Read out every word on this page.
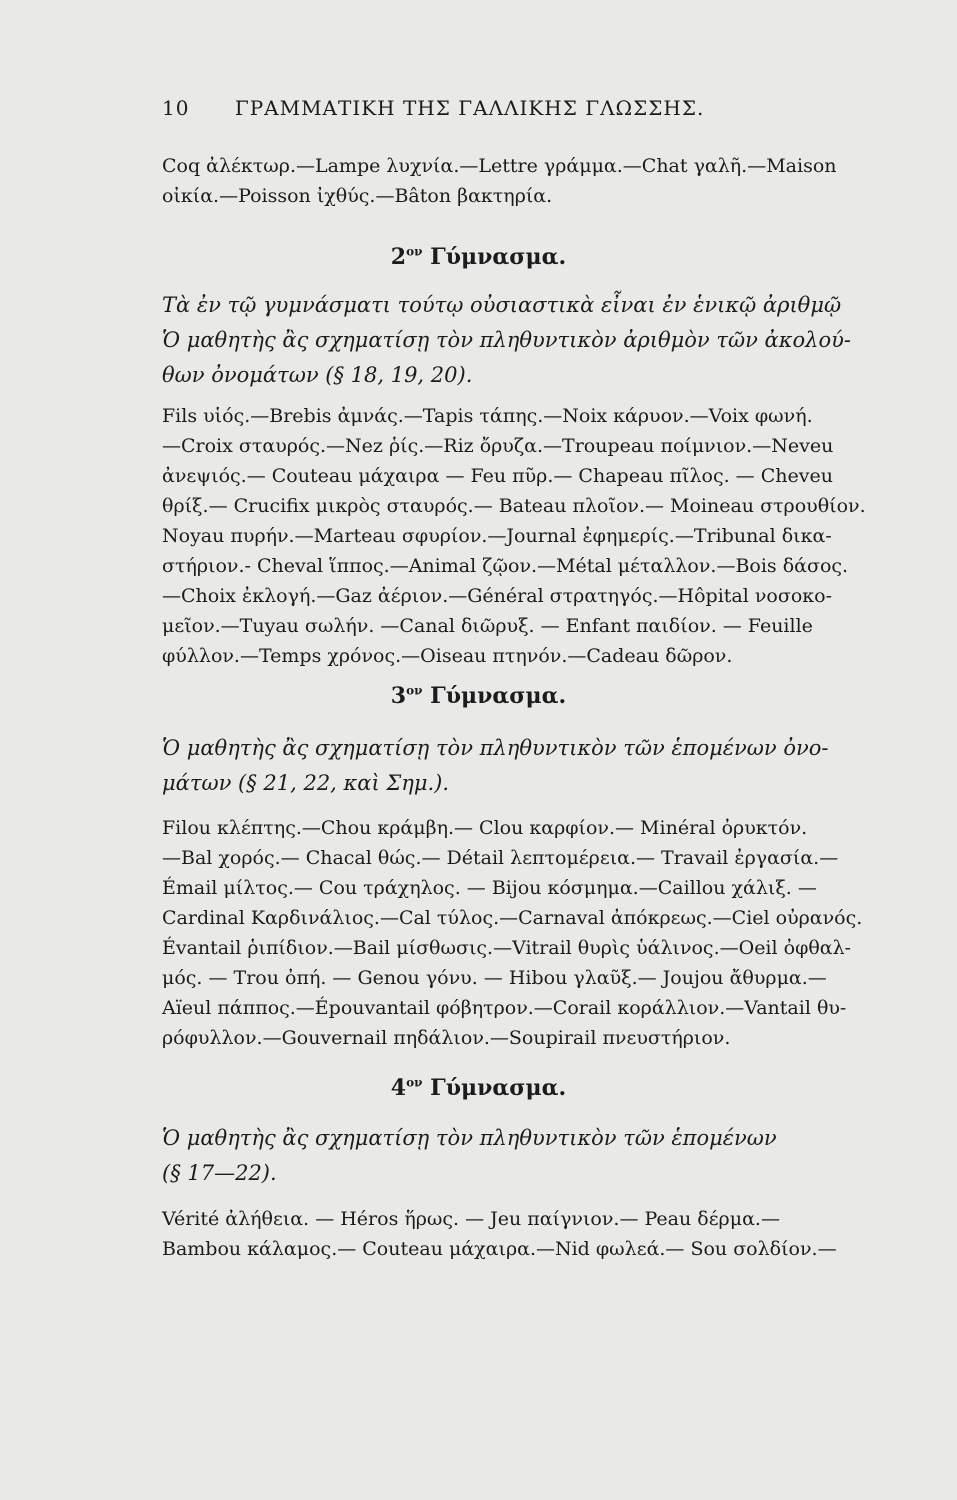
10 ΓΡΑΜΜΑΤΙΚΗ ΤΗΣ ΓΑΛΛΙΚΗΣ ΓΛΩΣΣΗΣ.
Coq ἀλέκτωρ.—Lampe λυχνία.—Lettre γράμμα.—Chat γαλῆ.—Maison
οἰκία.—Poisson ἰχθύς.—Bâton βακτηρία.
$2^{o\nu}$ Γύμνασμα.
Τὰ ἐν τῷ γυμνάσματι τούτῳ οὐσιαστικὰ εἶναι ἐν ἑνικῷ ἀριθμῷ
Ὁ μαθητὴς ἂς σχηματίσῃ τὸν πληθυντικὸν ἀριθμὸν τῶν ἀκολού-
θων ὀνομάτων (§ 18, 19, 20).
Fils υἱός.—Brebis ἀμνάς.—Tapis τάπης.—Noix κάρυον.—Voix φωνή.
—Croix σταυρός.—Nez ῥίς.—Riz ὄρυζα.—Troupeau ποίμνιον.—Neveu
ἀνεψιός.— Couteau μάχαιρα — Feu πῦρ.— Chapeau πῖλος. — Cheveu
θρίξ.— Crucifix μικρὸς σταυρός.— Bateau πλοῖον.— Moineau στρουθίον.
Noyau πυρήν.—Marteau σφυρίον.—Journal ἐφημερίς.—Tribunal δικα-
στήριον.- Cheval ἵππος.—Animal ζῷον.—Métal μέταλλον.—Bois δάσος.
—Choix ἐκλογή.—Gaz ἀέριον.—Général στρατηγός.—Hôpital νοσοκο-
μεῖον.—Tuyau σωλήν. —Canal διῶρυξ. — Enfant παιδίον. — Feuille
φύλλον.—Temps χρόνος.—Oiseau πτηνόν.—Cadeau δῶρον.
$3^{o\nu}$ Γύμνασμα.
Ὁ μαθητὴς ἂς σχηματίσῃ τὸν πληθυντικὸν τῶν ἑπομένων ὀνο-
μάτων (§ 21, 22, καὶ Σημ.).
Filou κλέπτης.—Chou κράμβη.— Clou καρφίον.— Minéral ὀρυκτόν.
—Bal χορός.— Chacal θώς.— Détail λεπτομέρεια.— Travail ἐργασία.—
Émail μίλτος.— Cou τράχηλος. — Bijou κόσμημα.—Caillou χάλιξ. —
Cardinal Καρδινάλιος.—Cal τύλος.—Carnaval ἀπόκρεως.—Ciel οὐρανός.
Évantail ῥιπίδιον.—Bail μίσθωσις.—Vitrail θυρὶς ὑάλινος.—Oeil ὀφθαλ-
μός. — Trou ὀπή. — Genou γόνυ. — Hibou γλαῦξ.— Joujou ἄθυρμα.—
Aïeul πάππος.—Épouvantail φόβητρον.—Corail κοράλλιον.—Vantail θυ-
ρόφυλλον.—Gouvernail πηδάλιον.—Soupirail πνευστήριον.
$4^{o\nu}$ Γύμνασμα.
Ὁ μαθητὴς ἂς σχηματίσῃ τὸν πληθυντικὸν τῶν ἑπομένων
(§ 17—22).
Vérité ἀλήθεια. — Héros ἥρως. — Jeu παίγνιον.— Peau δέρμα.—
Bambou κάλαμος.— Couteau μάχαιρα.—Nid φωλεά.— Sou σολδίον.—
